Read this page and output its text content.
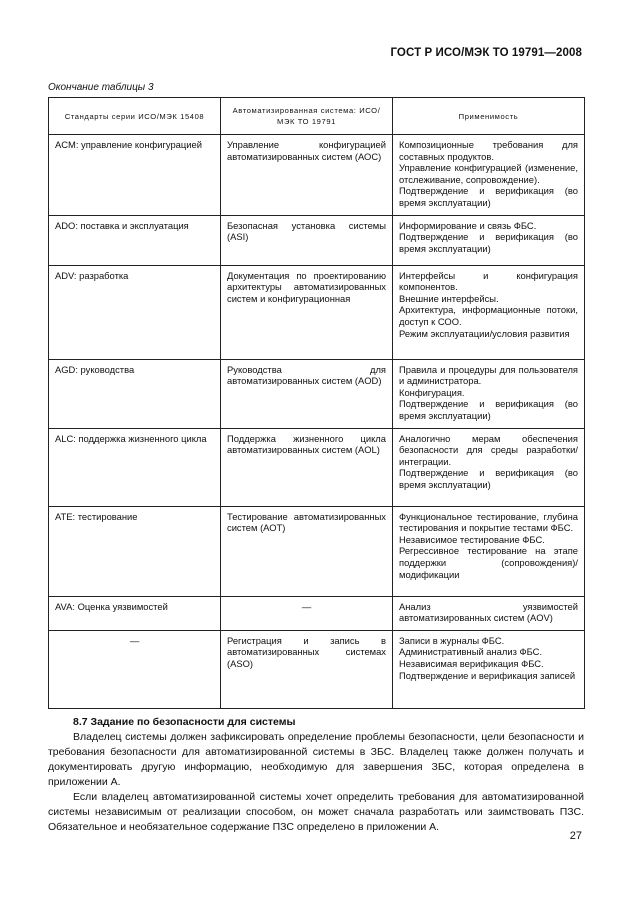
ГОСТ Р ИСО/МЭК ТО 19791—2008
Окончание таблицы 3
Стандарты серии ИСО/МЭК 15408	Автоматизированная система: ИСО/МЭК ТО 19791	Применимость
ACM: управление конфигурацией	Управление конфигурацией автоматизированных систем (АОС)	Композиционные требования для составных продуктов.
Управление конфигурацией (изменение, отслеживание, сопровождение).
Подтверждение и верификация (во время эксплуатации)

ADO: поставка и эксплуатация	Безопасная установка системы (ASI)	Информирование и связь ФБС.
Подтверждение и верификация (во время эксплуатации)

ADV: разработка	Документация по проектированию архитектуры автоматизированных систем и конфигурационная	Интерфейсы и конфигурация компонентов.
Внешние интерфейсы.
Архитектура, информационные потоки, доступ к СОО.
Режим эксплуатации/условия развития

AGD: руководства	Руководства для автоматизированных систем (AOD)	Правила и процедуры для пользователя и администратора.
Конфигурация.
Подтверждение и верификация (во время эксплуатации)

ALC: поддержка жизненного цикла	Поддержка жизненного цикла автоматизированных систем (AOL)	Аналогично мерам обеспечения безопасности для среды разработки/интеграции.
Подтверждение и верификация (во время эксплуатации)

ATE: тестирование	Тестирование автоматизированных систем (АОТ)	Функциональное тестирование, глубина тестирования и покрытие тестами ФБС.
Независимое тестирование ФБС.
Регрессивное тестирование на этапе поддержки (сопровождения)/модификации

AVA: Оценка уязвимостей	—	Анализ уязвимостей автоматизированных систем (AOV)

—	Регистрация и запись в автоматизированных системах (ASO)	Записи в журналы ФБС.
Административный анализ ФБС.
Независимая верификация ФБС.
Подтверждение и верификация записей
8.7 Задание по безопасности для системы

Владелец системы должен зафиксировать определение проблемы безопасности, цели безопасности и требования безопасности для автоматизированной системы в ЗБС. Владелец также должен получать и документировать другую информацию, необходимую для завершения ЗБС, которая определена в приложении А.

Если владелец автоматизированной системы хочет определить требования для автоматизированной системы независимым от реализации способом, он может сначала разработать или заимствовать ПЗС. Обязательное и необязательное содержание ПЗС определено в приложении А.

27
